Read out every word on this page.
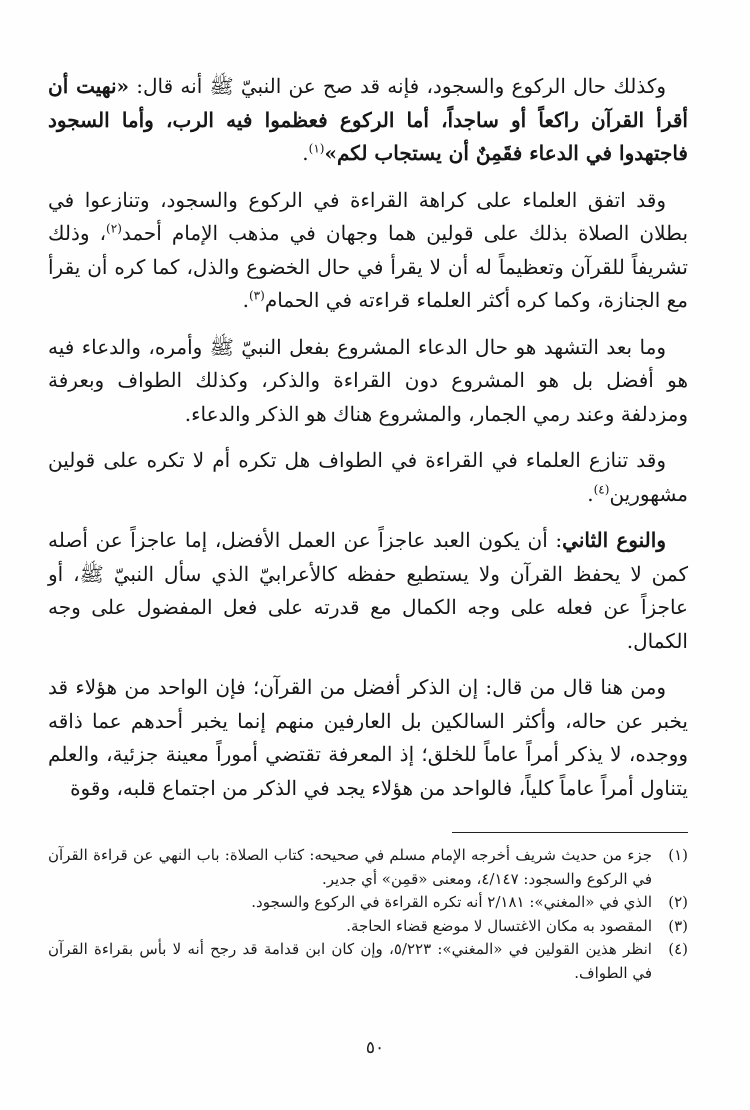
وكذلك حال الركوع والسجود، فإنه قد صح عن النبيّ ﷺ أنه قال: «نهيت أن أقرأ القرآن راكعاً أو ساجداً، أما الركوع فعظموا فيه الرب، وأما السجود فاجتهدوا في الدعاء فقَمِنٌ أن يستجاب لكم»$^{(١)}$.

وقد اتفق العلماء على كراهة القراءة في الركوع والسجود، وتنازعوا في بطلان الصلاة بذلك على قولين هما وجهان في مذهب الإمام أحمد$^{(٢)}$، وذلك تشريفاً للقرآن وتعظيماً له أن لا يقرأ في حال الخضوع والذل، كما كره أن يقرأ مع الجنازة، وكما كره أكثر العلماء قراءته في الحمام$^{(٣)}$.

وما بعد التشهد هو حال الدعاء المشروع بفعل النبيّ ﷺ وأمره، والدعاء فيه هو أفضل بل هو المشروع دون القراءة والذكر، وكذلك الطواف وبعرفة ومزدلفة وعند رمي الجمار، والمشروع هناك هو الذكر والدعاء.

وقد تنازع العلماء في القراءة في الطواف هل تكره أم لا تكره على قولين مشهورين$^{(٤)}$.

والنوع الثاني: أن يكون العبد عاجزاً عن العمل الأفضل، إما عاجزاً عن أصله كمن لا يحفظ القرآن ولا يستطيع حفظه كالأعرابيّ الذي سأل النبيّ ﷺ، أو عاجزاً عن فعله على وجه الكمال مع قدرته على فعل المفضول على وجه الكمال.

ومن هنا قال من قال: إن الذكر أفضل من القرآن؛ فإن الواحد من هؤلاء قد يخبر عن حاله، وأكثر السالكين بل العارفين منهم إنما يخبر أحدهم عما ذاقه ووجده، لا يذكر أمراً عاماً للخلق؛ إذ المعرفة تقتضي أموراً معينة جزئية، والعلم يتناول أمراً عاماً كلياً، فالواحد من هؤلاء يجد في الذكر من اجتماع قلبه، وقوة

(١)
جزء من حديث شريف أخرجه الإمام مسلم في صحيحه: كتاب الصلاة: باب النهي عن قراءة القرآن في الركوع والسجود: ٤/١٤٧، ومعنى «قمِن» أي جدير.
(٢)
الذي في «المغني»: ٢/١٨١ أنه تكره القراءة في الركوع والسجود.
(٣)
المقصود به مكان الاغتسال لا موضع قضاء الحاجة.
(٤)
انظر هذين القولين في «المغني»: ٥/٢٢٣، وإن كان ابن قدامة قد رجح أنه لا بأس بقراءة القرآن في الطواف.
٥٠
